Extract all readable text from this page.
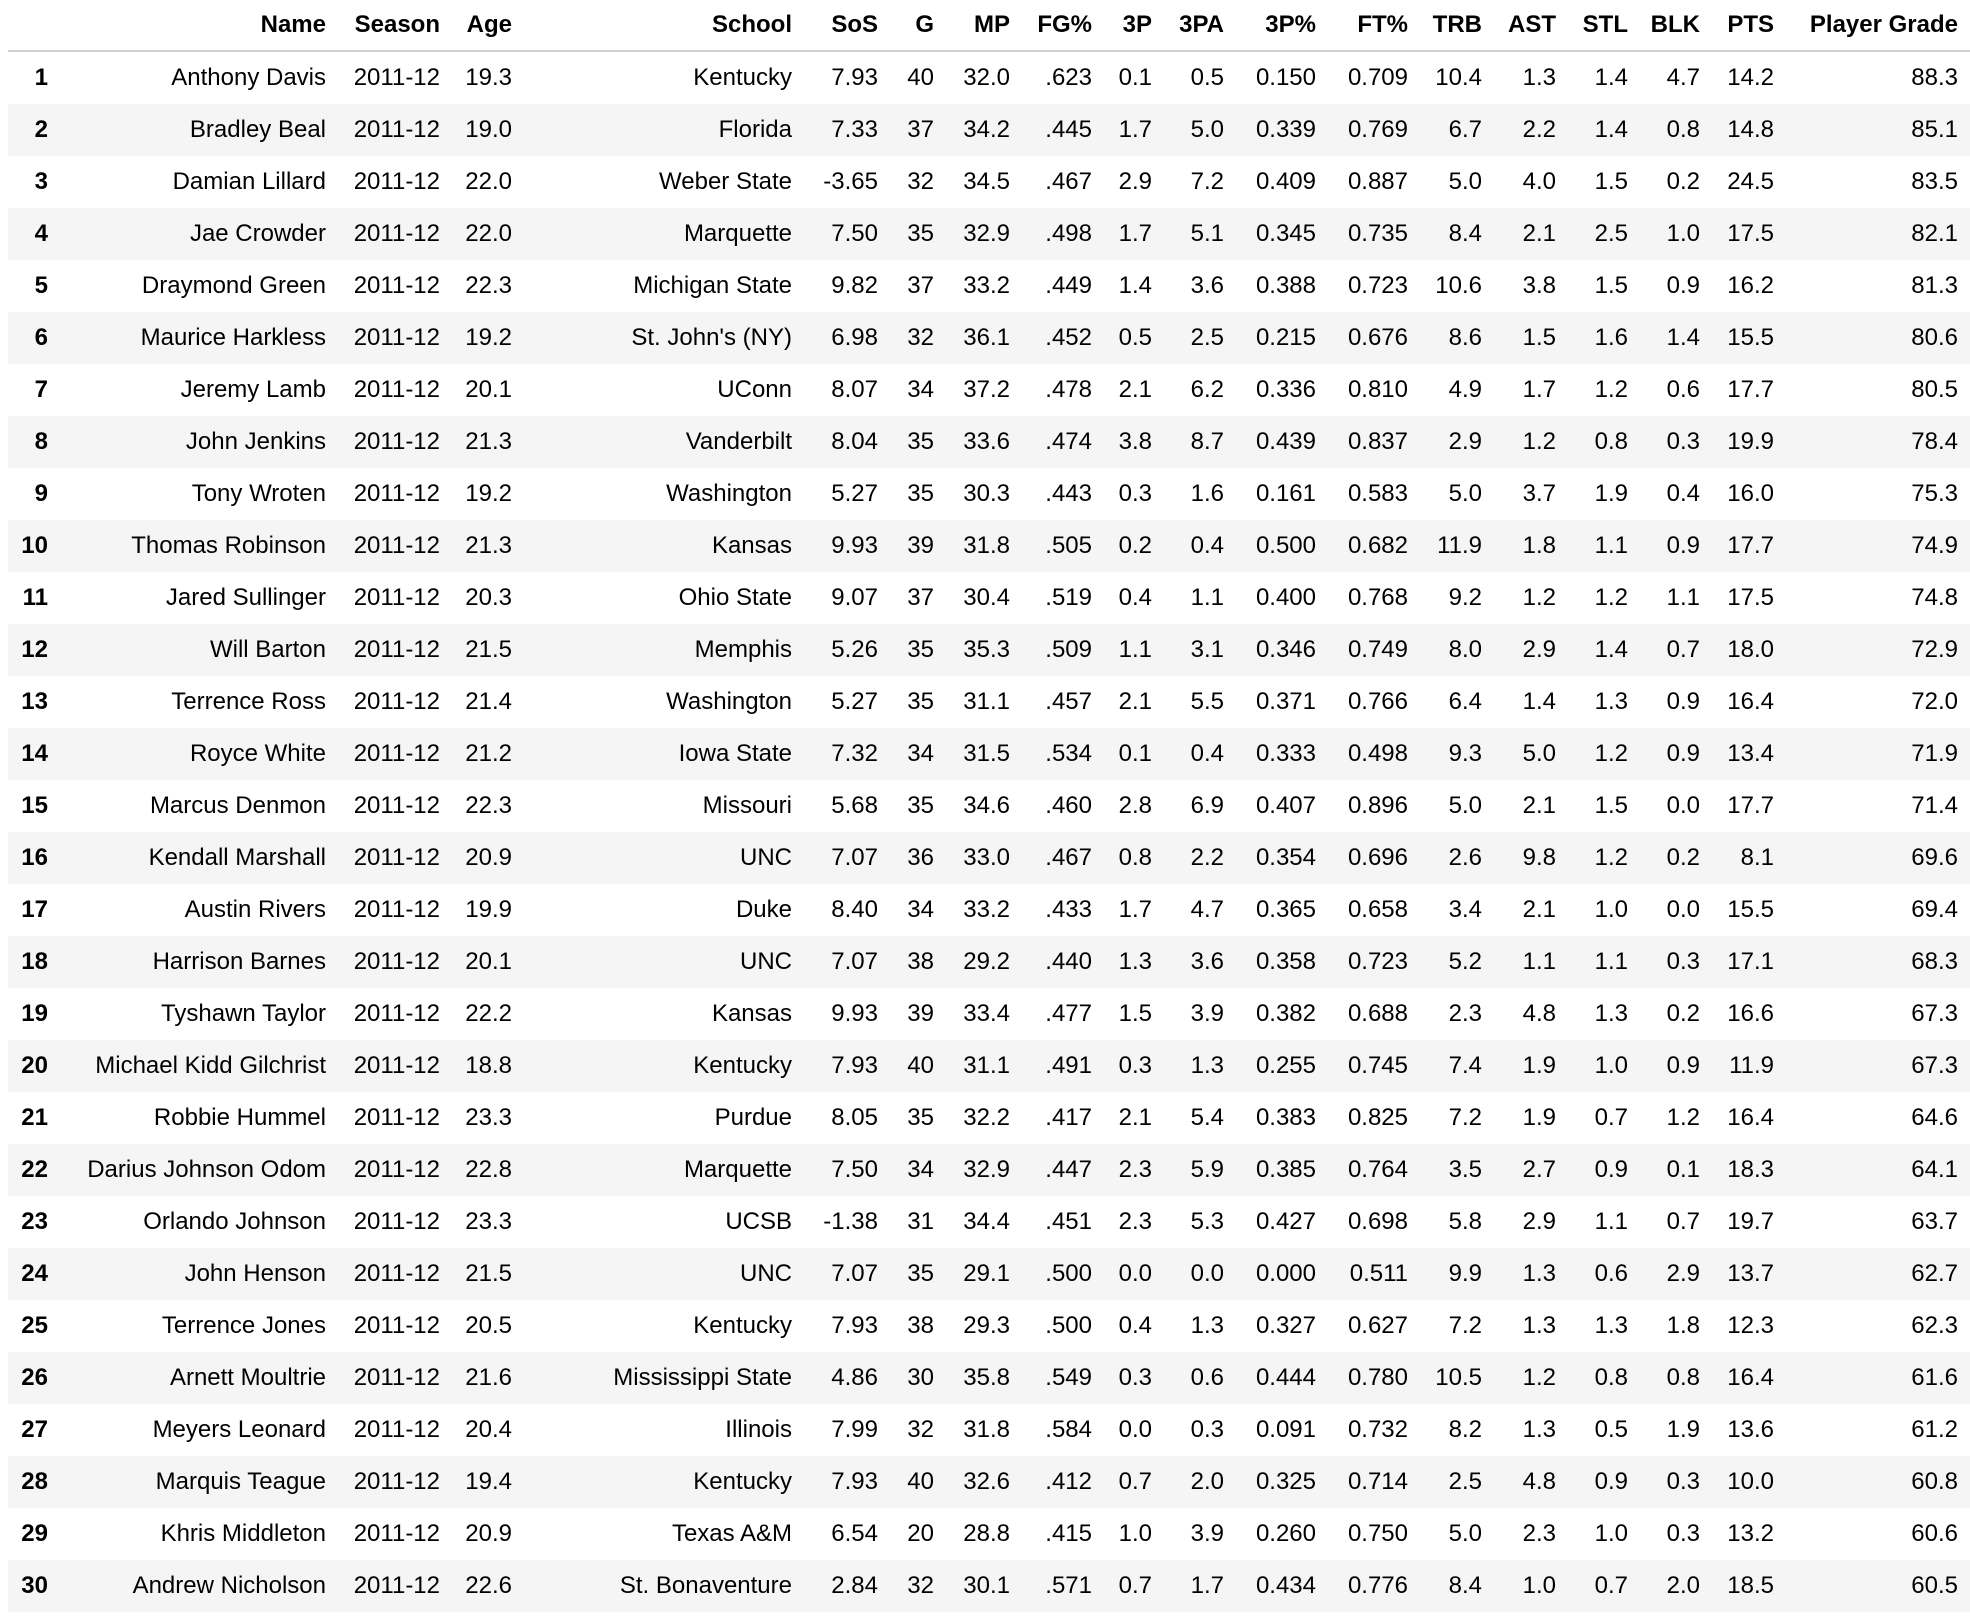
	Name	Season	Age	School	SoS	G	MP	FG%	3P	3PA	3P%	FT%	TRB	AST	STL	BLK	PTS	Player Grade
1	Anthony Davis	2011-12	19.3	Kentucky	7.93	40	32.0	.623	0.1	0.5	0.150	0.709	10.4	1.3	1.4	4.7	14.2	88.3
2	Bradley Beal	2011-12	19.0	Florida	7.33	37	34.2	.445	1.7	5.0	0.339	0.769	6.7	2.2	1.4	0.8	14.8	85.1
3	Damian Lillard	2011-12	22.0	Weber State	-3.65	32	34.5	.467	2.9	7.2	0.409	0.887	5.0	4.0	1.5	0.2	24.5	83.5
4	Jae Crowder	2011-12	22.0	Marquette	7.50	35	32.9	.498	1.7	5.1	0.345	0.735	8.4	2.1	2.5	1.0	17.5	82.1
5	Draymond Green	2011-12	22.3	Michigan State	9.82	37	33.2	.449	1.4	3.6	0.388	0.723	10.6	3.8	1.5	0.9	16.2	81.3
6	Maurice Harkless	2011-12	19.2	St. John's (NY)	6.98	32	36.1	.452	0.5	2.5	0.215	0.676	8.6	1.5	1.6	1.4	15.5	80.6
7	Jeremy Lamb	2011-12	20.1	UConn	8.07	34	37.2	.478	2.1	6.2	0.336	0.810	4.9	1.7	1.2	0.6	17.7	80.5
8	John Jenkins	2011-12	21.3	Vanderbilt	8.04	35	33.6	.474	3.8	8.7	0.439	0.837	2.9	1.2	0.8	0.3	19.9	78.4
9	Tony Wroten	2011-12	19.2	Washington	5.27	35	30.3	.443	0.3	1.6	0.161	0.583	5.0	3.7	1.9	0.4	16.0	75.3
10	Thomas Robinson	2011-12	21.3	Kansas	9.93	39	31.8	.505	0.2	0.4	0.500	0.682	11.9	1.8	1.1	0.9	17.7	74.9
11	Jared Sullinger	2011-12	20.3	Ohio State	9.07	37	30.4	.519	0.4	1.1	0.400	0.768	9.2	1.2	1.2	1.1	17.5	74.8
12	Will Barton	2011-12	21.5	Memphis	5.26	35	35.3	.509	1.1	3.1	0.346	0.749	8.0	2.9	1.4	0.7	18.0	72.9
13	Terrence Ross	2011-12	21.4	Washington	5.27	35	31.1	.457	2.1	5.5	0.371	0.766	6.4	1.4	1.3	0.9	16.4	72.0
14	Royce White	2011-12	21.2	Iowa State	7.32	34	31.5	.534	0.1	0.4	0.333	0.498	9.3	5.0	1.2	0.9	13.4	71.9
15	Marcus Denmon	2011-12	22.3	Missouri	5.68	35	34.6	.460	2.8	6.9	0.407	0.896	5.0	2.1	1.5	0.0	17.7	71.4
16	Kendall Marshall	2011-12	20.9	UNC	7.07	36	33.0	.467	0.8	2.2	0.354	0.696	2.6	9.8	1.2	0.2	8.1	69.6
17	Austin Rivers	2011-12	19.9	Duke	8.40	34	33.2	.433	1.7	4.7	0.365	0.658	3.4	2.1	1.0	0.0	15.5	69.4
18	Harrison Barnes	2011-12	20.1	UNC	7.07	38	29.2	.440	1.3	3.6	0.358	0.723	5.2	1.1	1.1	0.3	17.1	68.3
19	Tyshawn Taylor	2011-12	22.2	Kansas	9.93	39	33.4	.477	1.5	3.9	0.382	0.688	2.3	4.8	1.3	0.2	16.6	67.3
20	Michael Kidd Gilchrist	2011-12	18.8	Kentucky	7.93	40	31.1	.491	0.3	1.3	0.255	0.745	7.4	1.9	1.0	0.9	11.9	67.3
21	Robbie Hummel	2011-12	23.3	Purdue	8.05	35	32.2	.417	2.1	5.4	0.383	0.825	7.2	1.9	0.7	1.2	16.4	64.6
22	Darius Johnson Odom	2011-12	22.8	Marquette	7.50	34	32.9	.447	2.3	5.9	0.385	0.764	3.5	2.7	0.9	0.1	18.3	64.1
23	Orlando Johnson	2011-12	23.3	UCSB	-1.38	31	34.4	.451	2.3	5.3	0.427	0.698	5.8	2.9	1.1	0.7	19.7	63.7
24	John Henson	2011-12	21.5	UNC	7.07	35	29.1	.500	0.0	0.0	0.000	0.511	9.9	1.3	0.6	2.9	13.7	62.7
25	Terrence Jones	2011-12	20.5	Kentucky	7.93	38	29.3	.500	0.4	1.3	0.327	0.627	7.2	1.3	1.3	1.8	12.3	62.3
26	Arnett Moultrie	2011-12	21.6	Mississippi State	4.86	30	35.8	.549	0.3	0.6	0.444	0.780	10.5	1.2	0.8	0.8	16.4	61.6
27	Meyers Leonard	2011-12	20.4	Illinois	7.99	32	31.8	.584	0.0	0.3	0.091	0.732	8.2	1.3	0.5	1.9	13.6	61.2
28	Marquis Teague	2011-12	19.4	Kentucky	7.93	40	32.6	.412	0.7	2.0	0.325	0.714	2.5	4.8	0.9	0.3	10.0	60.8
29	Khris Middleton	2011-12	20.9	Texas A&M	6.54	20	28.8	.415	1.0	3.9	0.260	0.750	5.0	2.3	1.0	0.3	13.2	60.6
30	Andrew Nicholson	2011-12	22.6	St. Bonaventure	2.84	32	30.1	.571	0.7	1.7	0.434	0.776	8.4	1.0	0.7	2.0	18.5	60.5
